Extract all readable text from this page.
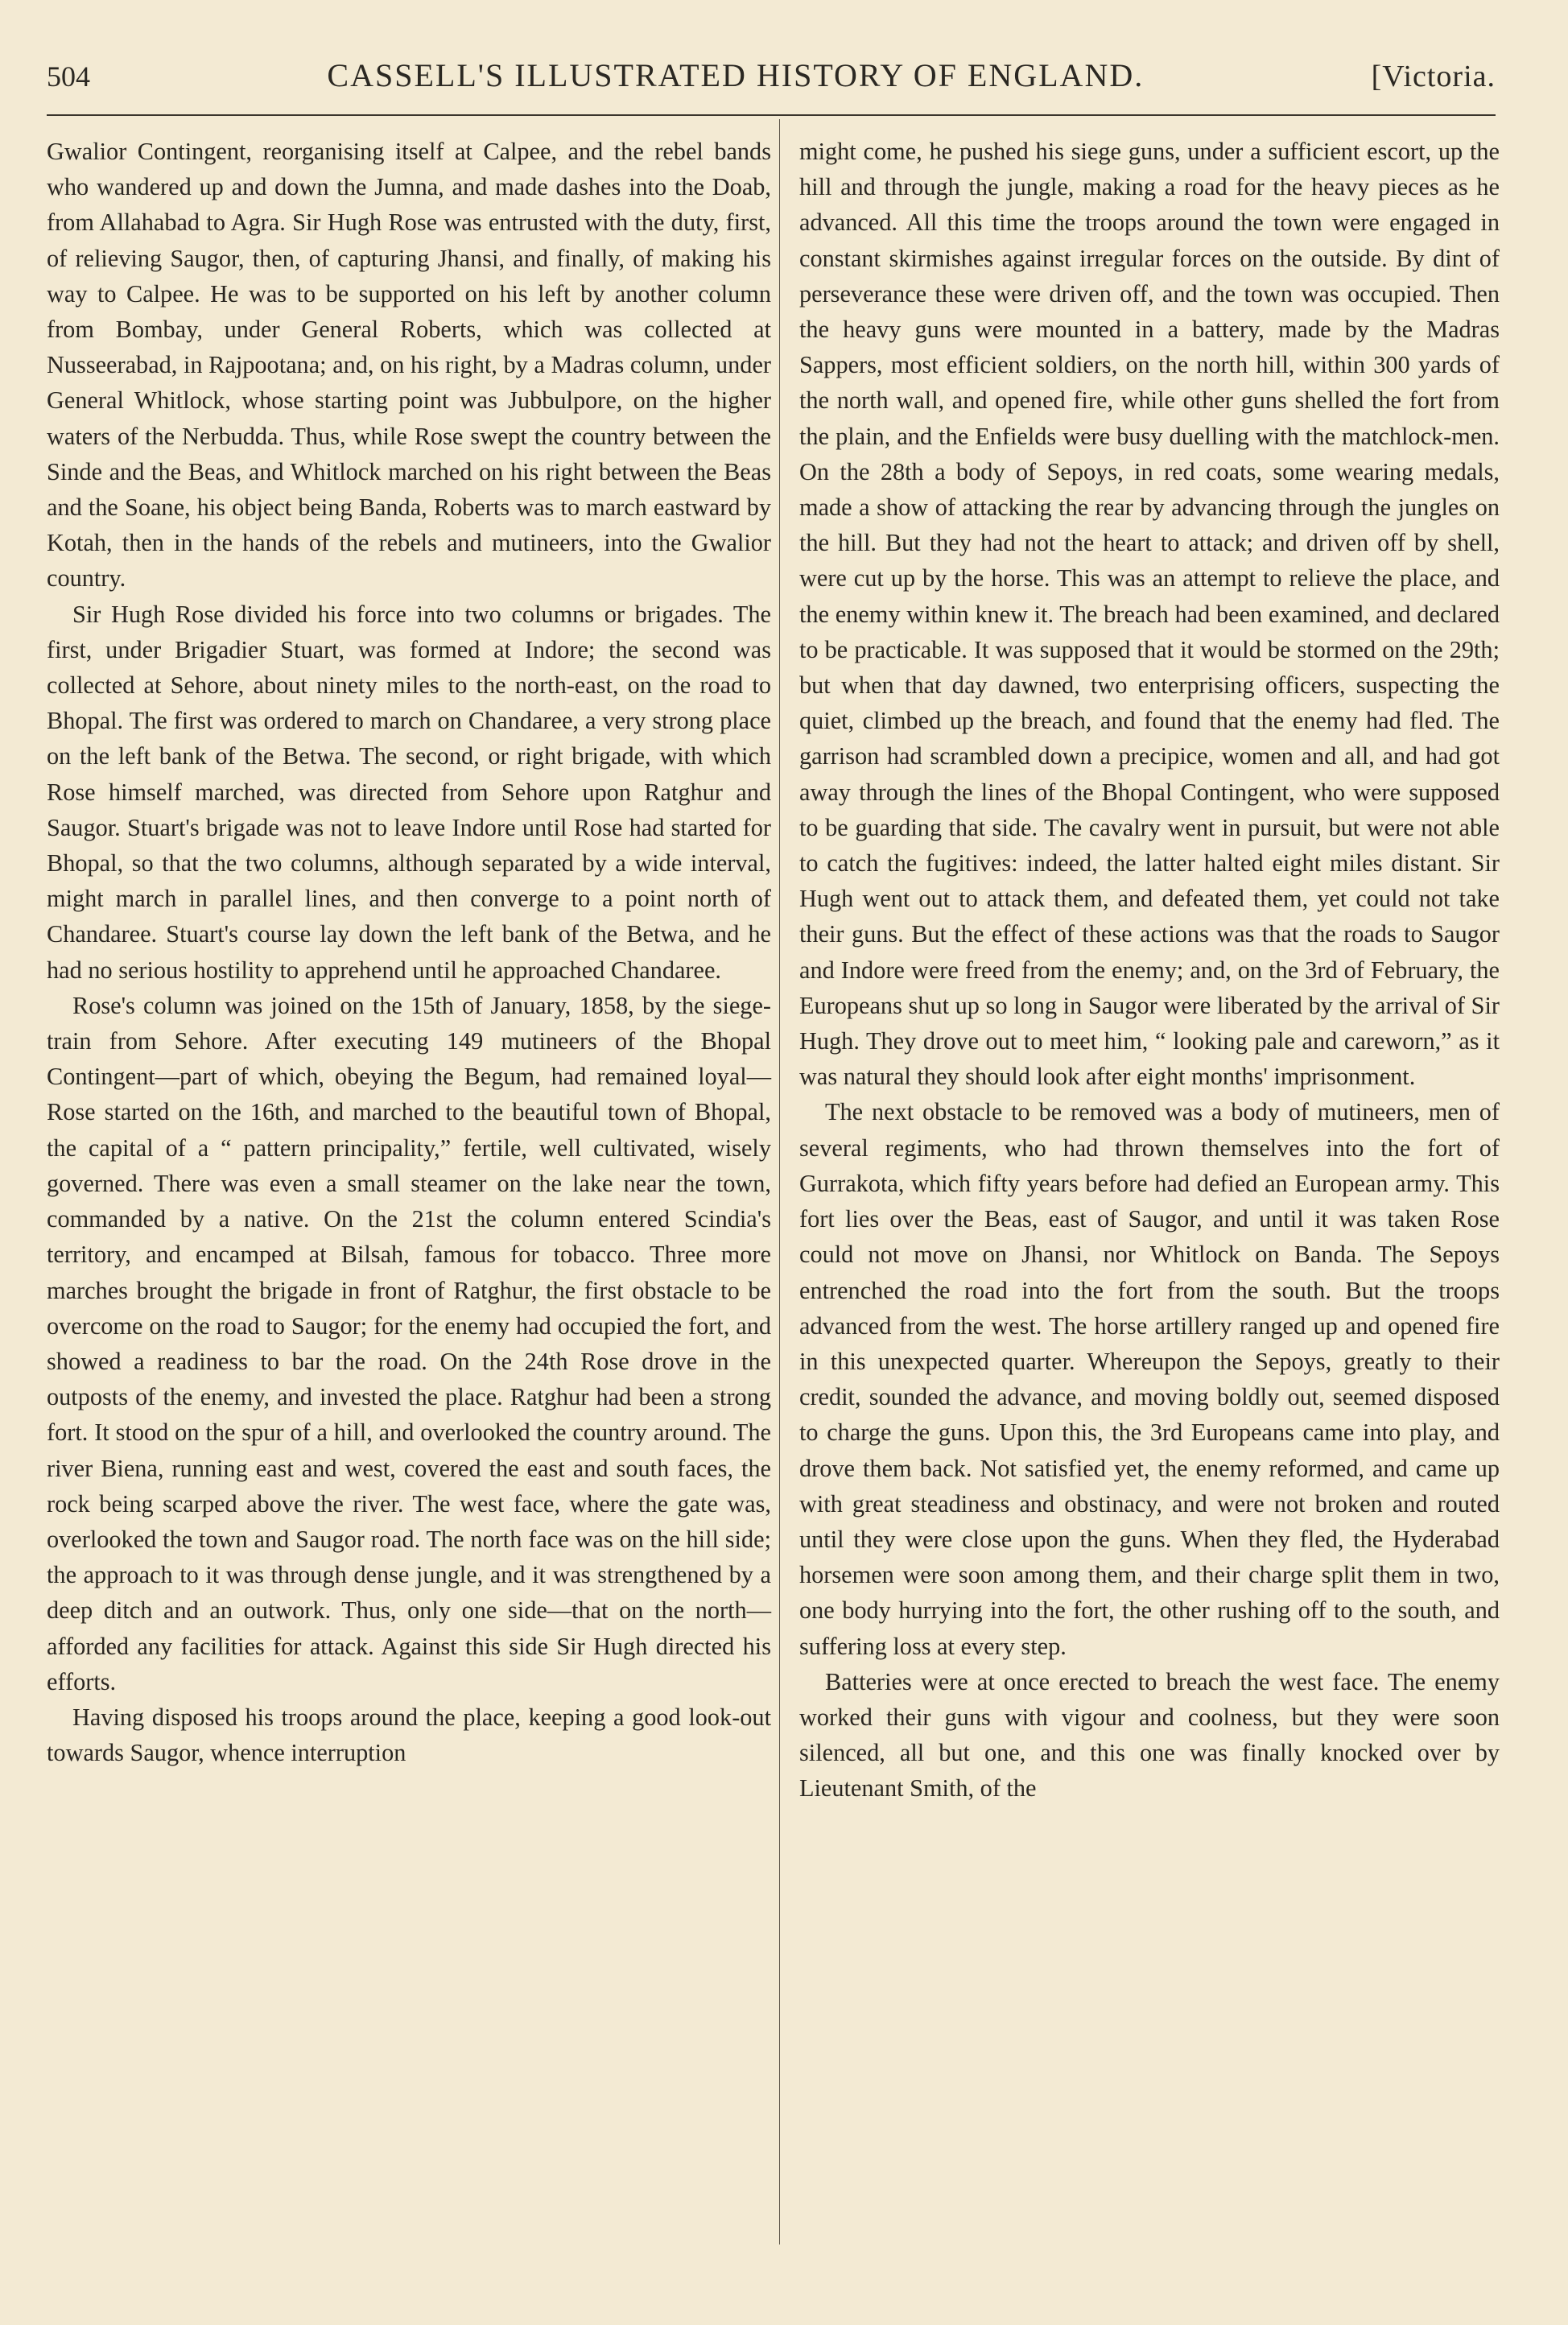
504	CASSELL'S ILLUSTRATED HISTORY OF ENGLAND.	[Victoria.

Gwalior Contingent, reorganising itself at Calpee, and the rebel bands who wandered up and down the Jumna, and made dashes into the Doab, from Allahabad to Agra. Sir Hugh Rose was entrusted with the duty, first, of relieving Saugor, then, of capturing Jhansi, and finally, of making his way to Calpee. He was to be supported on his left by another column from Bombay, under General Roberts, which was collected at Nusseerabad, in Rajpootana; and, on his right, by a Madras column, under General Whitlock, whose starting point was Jubbulpore, on the higher waters of the Nerbudda. Thus, while Rose swept the country between the Sinde and the Beas, and Whitlock marched on his right between the Beas and the Soane, his object being Banda, Roberts was to march eastward by Kotah, then in the hands of the rebels and mutineers, into the Gwalior country.

Sir Hugh Rose divided his force into two columns or brigades. The first, under Brigadier Stuart, was formed at Indore; the second was collected at Sehore, about ninety miles to the north-east, on the road to Bhopal. The first was ordered to march on Chandaree, a very strong place on the left bank of the Betwa. The second, or right brigade, with which Rose himself marched, was directed from Sehore upon Ratghur and Saugor. Stuart's brigade was not to leave Indore until Rose had started for Bhopal, so that the two columns, although separated by a wide interval, might march in parallel lines, and then converge to a point north of Chandaree. Stuart's course lay down the left bank of the Betwa, and he had no serious hostility to apprehend until he approached Chandaree.

Rose's column was joined on the 15th of January, 1858, by the siege-train from Sehore. After executing 149 mutineers of the Bhopal Contingent—part of which, obeying the Begum, had remained loyal—Rose started on the 16th, and marched to the beautiful town of Bhopal, the capital of a “ pattern principality,” fertile, well cultivated, wisely governed. There was even a small steamer on the lake near the town, commanded by a native. On the 21st the column entered Scindia's territory, and encamped at Bilsah, famous for tobacco. Three more marches brought the brigade in front of Ratghur, the first obstacle to be overcome on the road to Saugor; for the enemy had occupied the fort, and showed a readiness to bar the road. On the 24th Rose drove in the outposts of the enemy, and invested the place. Ratghur had been a strong fort. It stood on the spur of a hill, and overlooked the country around. The river Biena, running east and west, covered the east and south faces, the rock being scarped above the river. The west face, where the gate was, overlooked the town and Saugor road. The north face was on the hill side; the approach to it was through dense jungle, and it was strengthened by a deep ditch and an outwork. Thus, only one side—that on the north—afforded any facilities for attack. Against this side Sir Hugh directed his efforts.

Having disposed his troops around the place, keeping a good look-out towards Saugor, whence interruption

might come, he pushed his siege guns, under a sufficient escort, up the hill and through the jungle, making a road for the heavy pieces as he advanced. All this time the troops around the town were engaged in constant skirmishes against irregular forces on the outside. By dint of perseverance these were driven off, and the town was occupied. Then the heavy guns were mounted in a battery, made by the Madras Sappers, most efficient soldiers, on the north hill, within 300 yards of the north wall, and opened fire, while other guns shelled the fort from the plain, and the Enfields were busy duelling with the matchlock-men. On the 28th a body of Sepoys, in red coats, some wearing medals, made a show of attacking the rear by advancing through the jungles on the hill. But they had not the heart to attack; and driven off by shell, were cut up by the horse. This was an attempt to relieve the place, and the enemy within knew it. The breach had been examined, and declared to be practicable. It was supposed that it would be stormed on the 29th; but when that day dawned, two enterprising officers, suspecting the quiet, climbed up the breach, and found that the enemy had fled. The garrison had scrambled down a precipice, women and all, and had got away through the lines of the Bhopal Contingent, who were supposed to be guarding that side. The cavalry went in pursuit, but were not able to catch the fugitives: indeed, the latter halted eight miles distant. Sir Hugh went out to attack them, and defeated them, yet could not take their guns. But the effect of these actions was that the roads to Saugor and Indore were freed from the enemy; and, on the 3rd of February, the Europeans shut up so long in Saugor were liberated by the arrival of Sir Hugh. They drove out to meet him, “ looking pale and careworn,” as it was natural they should look after eight months' imprisonment.

The next obstacle to be removed was a body of mutineers, men of several regiments, who had thrown themselves into the fort of Gurrakota, which fifty years before had defied an European army. This fort lies over the Beas, east of Saugor, and until it was taken Rose could not move on Jhansi, nor Whitlock on Banda. The Sepoys entrenched the road into the fort from the south. But the troops advanced from the west. The horse artillery ranged up and opened fire in this unexpected quarter. Whereupon the Sepoys, greatly to their credit, sounded the advance, and moving boldly out, seemed disposed to charge the guns. Upon this, the 3rd Europeans came into play, and drove them back. Not satisfied yet, the enemy reformed, and came up with great steadiness and obstinacy, and were not broken and routed until they were close upon the guns. When they fled, the Hyderabad horsemen were soon among them, and their charge split them in two, one body hurrying into the fort, the other rushing off to the south, and suffering loss at every step.

Batteries were at once erected to breach the west face. The enemy worked their guns with vigour and coolness, but they were soon silenced, all but one, and this one was finally knocked over by Lieutenant Smith, of the
